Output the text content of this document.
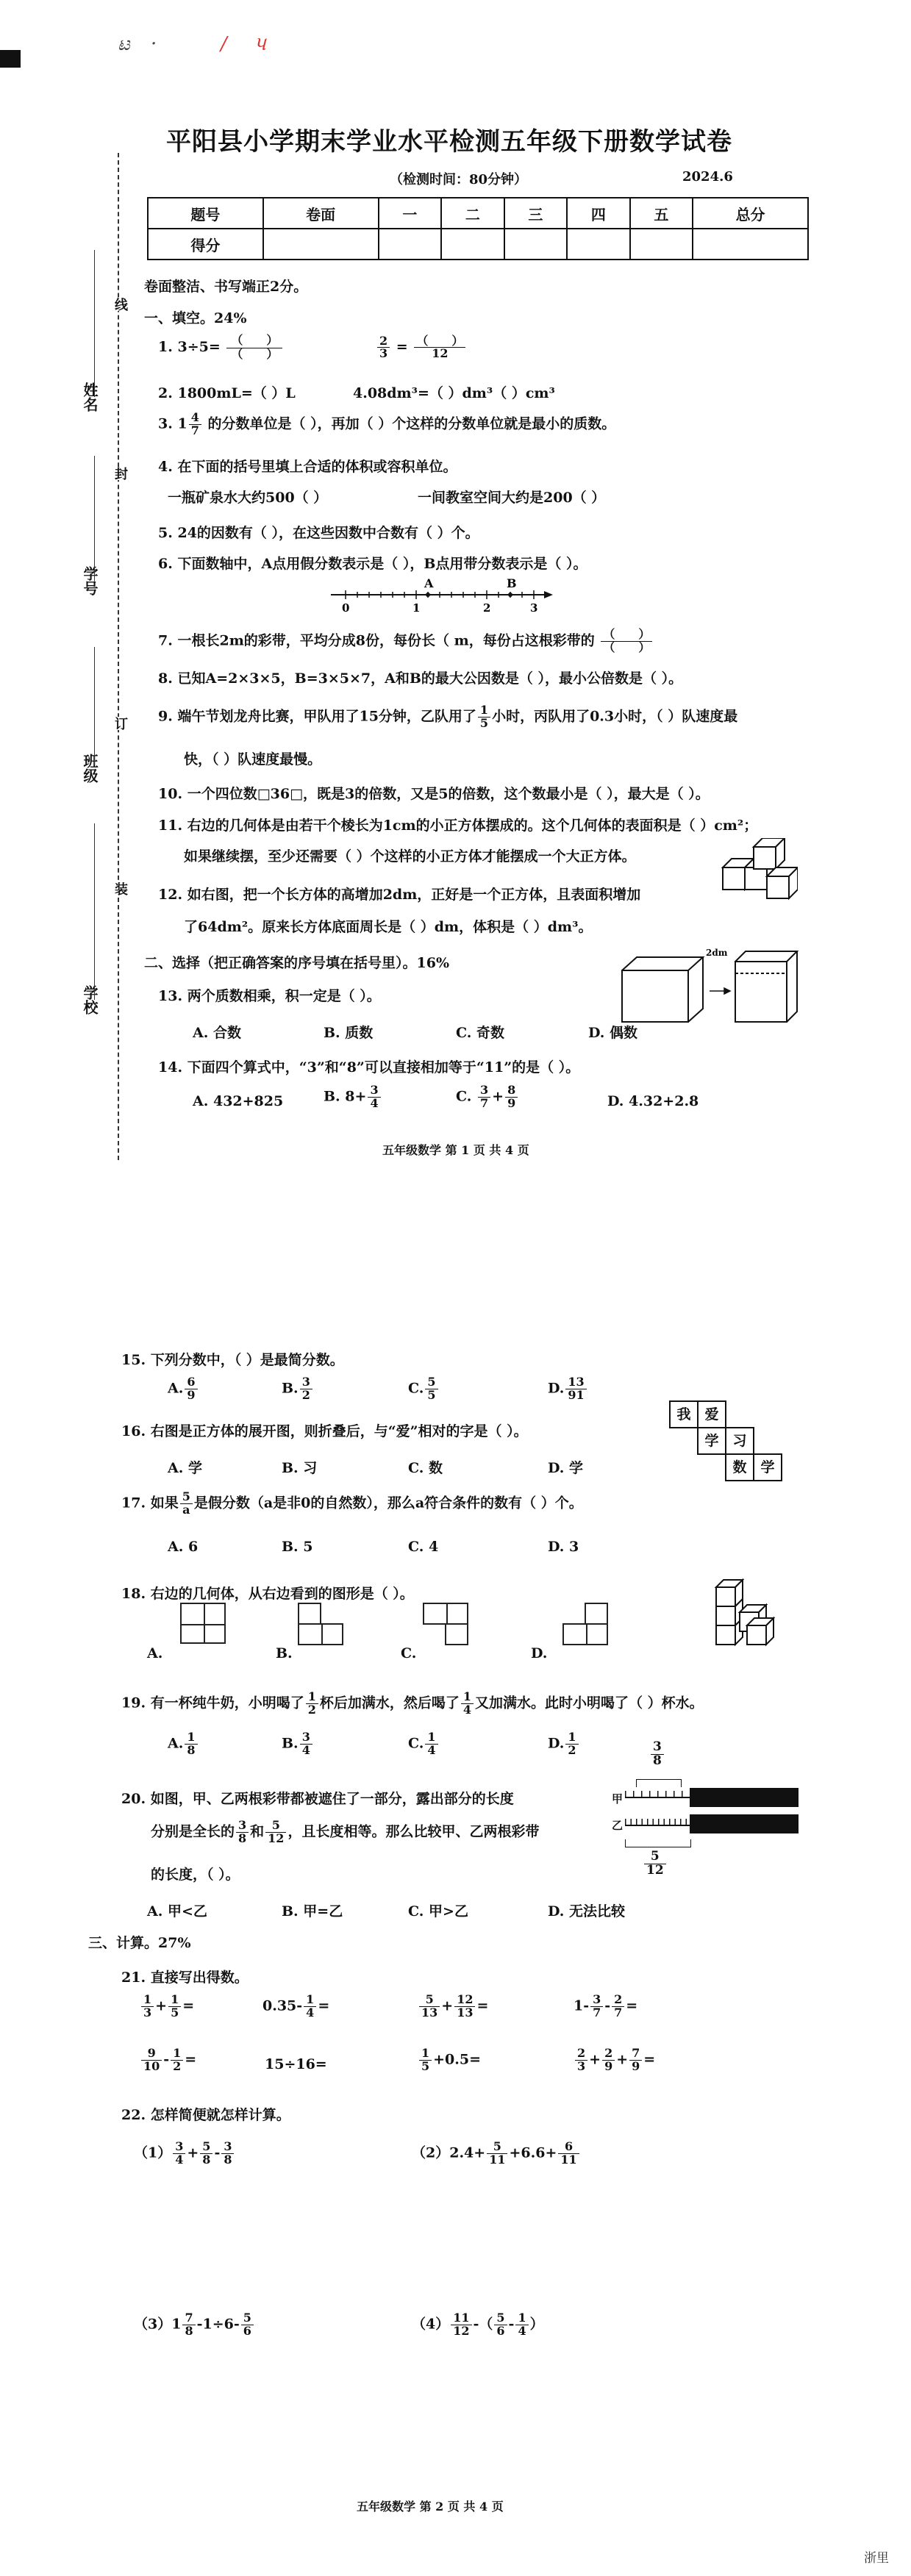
ಟ ·	∕ પ
姓名
学号
班级
学校
线
封
订
装
平阳县小学期末学业水平检测五年级下册数学试卷
（检测时间：80分钟）	2024.6
题号	卷面	一	二	三	四	五	总分
得分							
卷面整洁、书写端正2分。
一、填空。24%
1. $3\div 5= \frac{( )}{( )}$
	$\frac{2}{3} = \frac{( )}{12}$
2. 1800mL=（ ）L	4.08dm³=（ ）dm³（ ）cm³
3. $1 \frac{4}{7}$ 的分数单位是（ ），再加（ ）个这样的分数单位就是最小的质数。
4. 在下面的括号里填上合适的体积或容积单位。
一瓶矿泉水大约500（ ）	一间教室空间大约是200（ ）
5. 24的因数有（ ），在这些因数中合数有（ ）个。
6. 下面数轴中，A点用假分数表示是（ ），B点用带分数表示是（ ）。
A	B
0	1	2	3
7. 一根长2m的彩带，平均分成8份，每份长（ m，每份占这根彩带的 $\frac{( )}{( )}$
8. 已知A=2×3×5，B=3×5×7，A和B的最大公因数是（ ），最小公倍数是（ ）。
9. 端午节划龙舟比赛，甲队用了15分钟，乙队用了 $\frac{1}{5}$ 小时，丙队用了0.3小时，（ ）队速度最
快，（ ）队速度最慢。
10. 一个四位数□36□，既是3的倍数，又是5的倍数，这个数最小是（ ），最大是（ ）。
11. 右边的几何体是由若干个棱长为1cm的小正方体摆成的。这个几何体的表面积是（ ）cm²；
如果继续摆，至少还需要（ ）个这样的小正方体才能摆成一个大正方体。
12. 如右图，把一个长方体的高增加2dm，正好是一个正方体，且表面积增加
了64dm²。原来长方体底面周长是（ ）dm，体积是（ ）dm³。
二、选择（把正确答案的序号填在括号里）。16%
2dm
13. 两个质数相乘，积一定是（ ）。
A. 合数	B. 质数	C. 奇数	D. 偶数
14. 下面四个算式中，“3”和“8”可以直接相加等于“11”的是（ ）。
A. 432+825	B. $8+ \frac{3}{4}$	C. $\frac{3}{7} + \frac{8}{9}$	D. 4.32+2.8
五年级数学 第 1 页 共 4 页
15. 下列分数中，（ ）是最简分数。
A. $\frac{6}{9}$	B. $\frac{3}{2}$	C. $\frac{5}{5}$	D. $\frac{13}{91}$
我 爱
学 习
数 学
16. 右图是正方体的展开图，则折叠后，与“爱”相对的字是（ ）。
A. 学	B. 习	C. 数	D. 学
17. 如果 $\frac{5}{a}$ 是假分数（a是非0的自然数），那么a符合条件的数有（ ）个。
A. 6	B. 5	C. 4	D. 3
18. 右边的几何体，从右边看到的图形是（ ）。
A.	B.	C.	D.
19. 有一杯纯牛奶，小明喝了 $\frac{1}{2}$ 杯后加满水，然后喝了 $\frac{1}{4}$ 又加满水。此时小明喝了（ ）杯水。
A. $\frac{1}{8}$	B. $\frac{3}{4}$	C. $\frac{1}{4}$	D. $\frac{1}{2}$
20. 如图，甲、乙两根彩带都被遮住了一部分，露出部分的长度
分别是全长的 $\frac{3}{8}$ 和 $\frac{5}{12}$ ，且长度相等。那么比较甲、乙两根彩带
的长度，（ ）。
A. 甲<乙	B. 甲=乙	C. 甲>乙	D. 无法比较
$\frac{3}{8}$
甲
乙
$\frac{5}{12}$
三、计算。27%
21. 直接写出得数。
$\frac{1}{3} + \frac{1}{5}$ =	$0.35- \frac{1}{4}$ =	$\frac{5}{13} + \frac{12}{13}$ =	$1- \frac{3}{7} - \frac{2}{7}$ =
$\frac{9}{10} - \frac{1}{2}$ =	15÷16=	$\frac{1}{5} +0.5=$	$\frac{2}{3} + \frac{2}{9} + \frac{7}{9}$ =
22. 怎样简便就怎样计算。
$(1) \frac{3}{4} + \frac{5}{8} - \frac{3}{8}$	$(2)2.4+ \frac{5}{11} +6.6+ \frac{6}{11}$
$(3)1 \frac{7}{8} -1\div 6- \frac{5}{6}$	$(4) \frac{11}{12}$ -（ $\frac{5}{6} - \frac{1}{4}$ ）
五年级数学 第 2 页 共 4 页
浙里
